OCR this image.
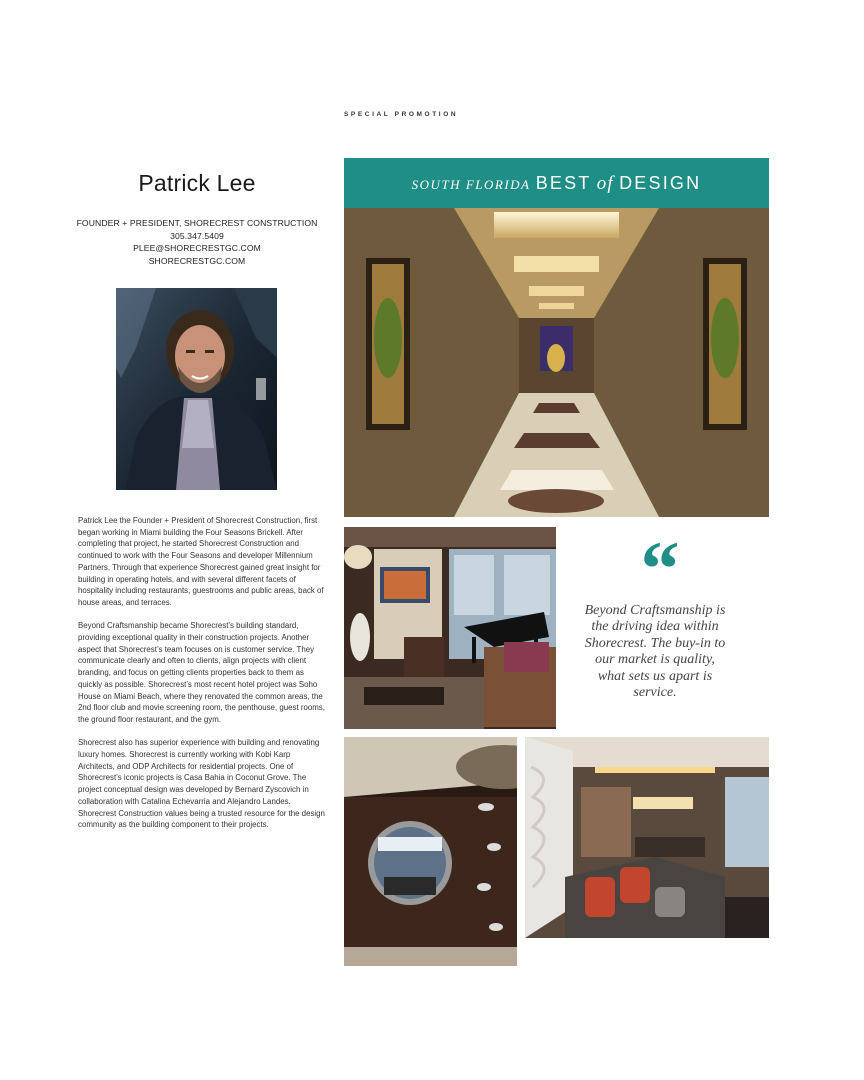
SPECIAL PROMOTION
Patrick Lee
FOUNDER + PRESIDENT, SHORECREST CONSTRUCTION
305.347.5409
PLEE@SHORECRESTGC.COM
SHORECRESTGC.COM

Patrick Lee the Founder + President of Shorecrest Construction, first began working in Miami building the Four Seasons Brickell. After completing that project, he started Shorecrest Construction and continued to work with the Four Seasons and developer Millennium Partners. Through that experience Shorecrest gained great insight for building in operating hotels, and with several different facets of hospitality including restaurants, guestrooms and public areas, back of house areas, and terraces.

Beyond Craftsmanship became Shorecrest’s building standard, providing exceptional quality in their construction projects. Another aspect that Shorecrest’s team focuses on is customer service. They communicate clearly and often to clients, align projects with client branding, and focus on getting clients properties back to them as quickly as possible. Shorecrest’s most recent hotel project was Soho House on Miami Beach, where they renovated the common areas, the 2nd floor club and movie screening room, the penthouse, guest rooms, the ground floor restaurant, and the gym.

Shorecrest also has superior experience with building and renovating luxury homes. Shorecrest is currently working with Kobi Karp Architects, and ODP Architects for residential projects. One of Shorecrest’s iconic projects is Casa Bahia in Coconut Grove. The project conceptual design was developed by Bernard Zyscovich in collaboration with Catalina Echevarria and Alejandro Landes. Shorecrest Construction values being a trusted resource for the design community as the building component to their projects.

SOUTH FLORIDA BEST of DESIGN
“
Beyond Craftsmanship is the driving idea within Shorecrest. The buy-in to our market is quality, what sets us apart is service.
